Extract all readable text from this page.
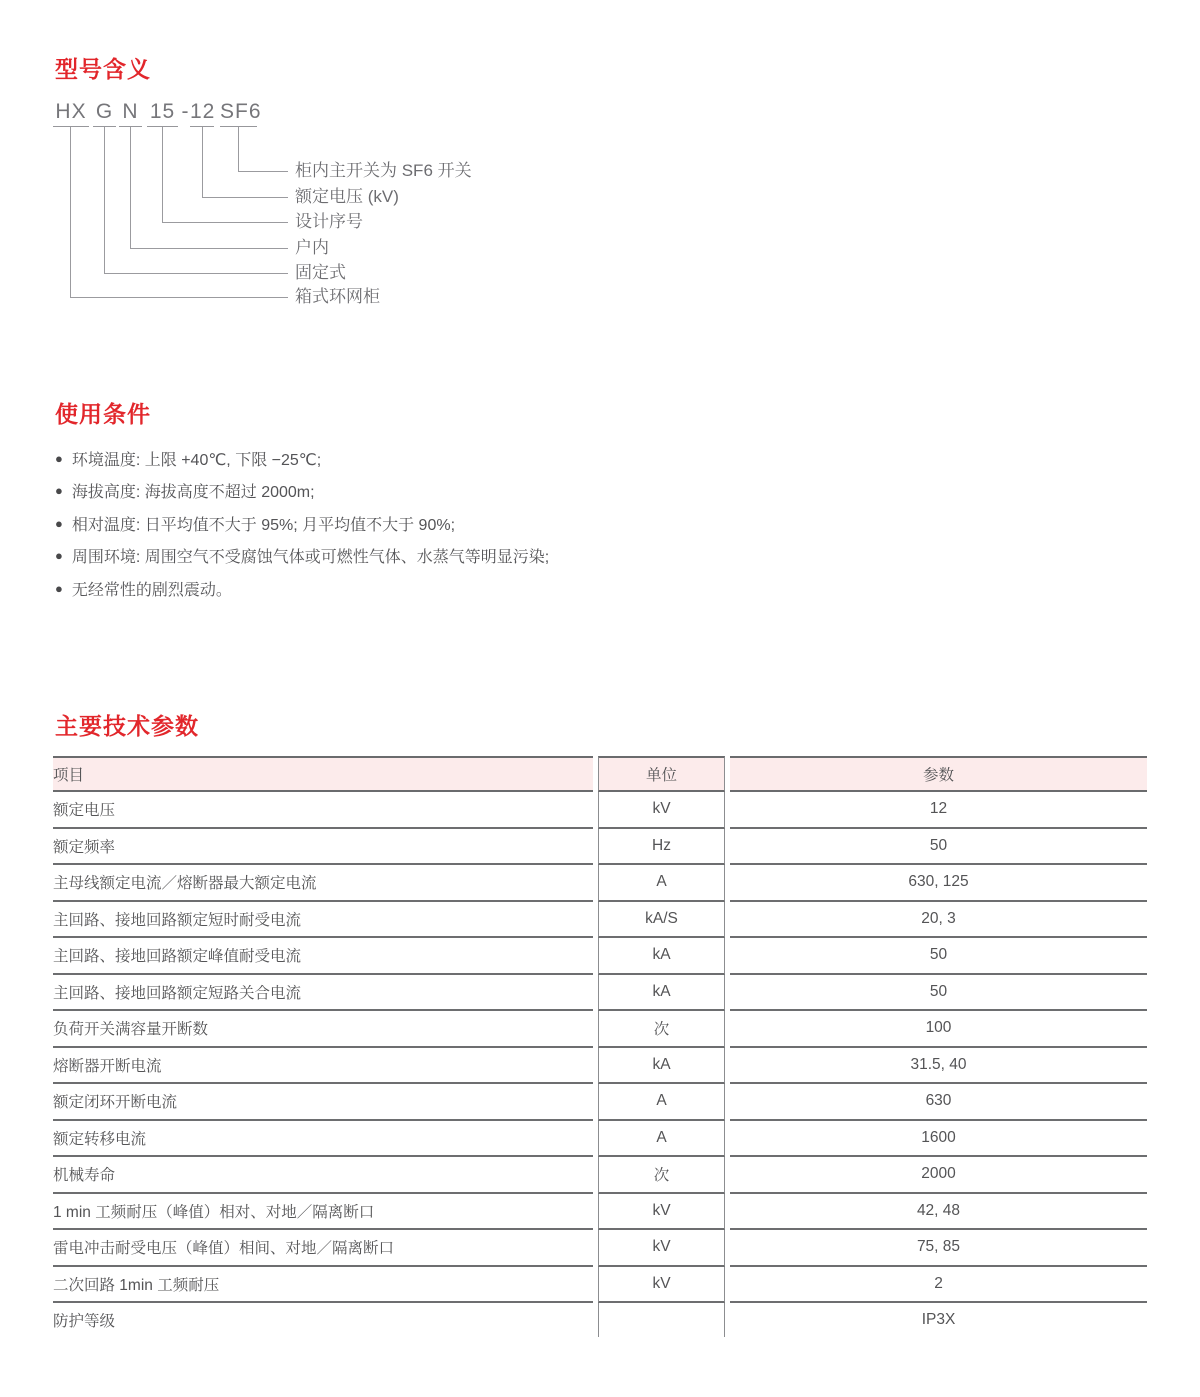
型号含义
HX
箱式环网柜
G
固定式
N
户内
15
设计序号
12
额定电压 (kV)
SF6
柜内主开关为 SF6 开关
-
使用条件
● 环境温度: 上限 +40℃, 下限 −25℃;
● 海拔高度: 海拔高度不超过 2000m;
● 相对温度: 日平均值不大于 95%; 月平均值不大于 90%;
● 周围环境: 周围空气不受腐蚀气体或可燃性气体、水蒸气等明显污染;
● 无经常性的剧烈震动。
主要技术参数
项目	单位	参数
额定电压	kV	12
额定频率	Hz	50
主母线额定电流／熔断器最大额定电流	A	630, 125
主回路、接地回路额定短时耐受电流	kA/S	20, 3
主回路、接地回路额定峰值耐受电流	kA	50
主回路、接地回路额定短路关合电流	kA	50
负荷开关满容量开断数	次	100
熔断器开断电流	kA	31.5, 40
额定闭环开断电流	A	630
额定转移电流	A	1600
机械寿命	次	2000
1 min 工频耐压（峰值）相对、对地／隔离断口	kV	42, 48
雷电冲击耐受电压（峰值）相间、对地／隔离断口	kV	75, 85
二次回路 1min 工频耐压	kV	2
防护等级		IP3X
